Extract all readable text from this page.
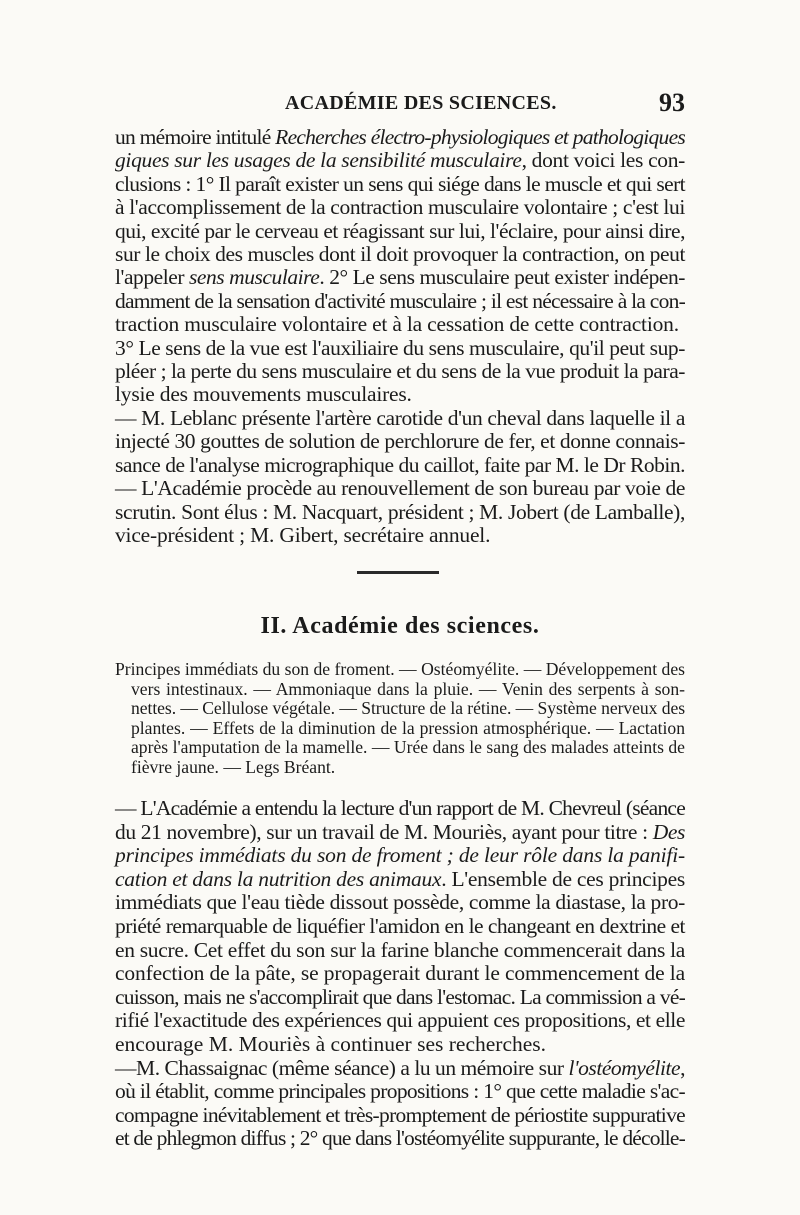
ACADÉMIE DES SCIENCES.	93
un mémoire intitulé Recherches électro-physiologiques et pathologiques
giques sur les usages de la sensibilité musculaire, dont voici les con-
clusions : 1° Il paraît exister un sens qui siége dans le muscle et qui sert
à l'accomplissement de la contraction musculaire volontaire ; c'est lui
qui, excité par le cerveau et réagissant sur lui, l'éclaire, pour ainsi dire,
sur le choix des muscles dont il doit provoquer la contraction, on peut
l'appeler sens musculaire. 2° Le sens musculaire peut exister indépen-
damment de la sensation d'activité musculaire ; il est nécessaire à la con-
traction musculaire volontaire et à la cessation de cette contraction.
3° Le sens de la vue est l'auxiliaire du sens musculaire, qu'il peut sup-
pléer ; la perte du sens musculaire et du sens de la vue produit la para-
lysie des mouvements musculaires.
— M. Leblanc présente l'artère carotide d'un cheval dans laquelle il a
injecté 30 gouttes de solution de perchlorure de fer, et donne connais-
sance de l'analyse micrographique du caillot, faite par M. le Dr Robin.
— L'Académie procède au renouvellement de son bureau par voie de
scrutin. Sont élus : M. Nacquart, président ; M. Jobert (de Lamballe),
vice-président ; M. Gibert, secrétaire annuel.
II. Académie des sciences.
Principes immédiats du son de froment. — Ostéomyélite. — Développement des
vers intestinaux. — Ammoniaque dans la pluie. — Venin des serpents à son-
nettes. — Cellulose végétale. — Structure de la rétine. — Système nerveux des
plantes. — Effets de la diminution de la pression atmosphérique. — Lactation
après l'amputation de la mamelle. — Urée dans le sang des malades atteints de
fièvre jaune. — Legs Bréant.
— L'Académie a entendu la lecture d'un rapport de M. Chevreul (séance
du 21 novembre), sur un travail de M. Mouriès, ayant pour titre : Des
principes immédiats du son de froment ; de leur rôle dans la panifi-
cation et dans la nutrition des animaux. L'ensemble de ces principes
immédiats que l'eau tiède dissout possède, comme la diastase, la pro-
priété remarquable de liquéfier l'amidon en le changeant en dextrine et
en sucre. Cet effet du son sur la farine blanche commencerait dans la
confection de la pâte, se propagerait durant le commencement de la
cuisson, mais ne s'accomplirait que dans l'estomac. La commission a vé-
rifié l'exactitude des expériences qui appuient ces propositions, et elle
encourage M. Mouriès à continuer ses recherches.
—M. Chassaignac (même séance) a lu un mémoire sur l'ostéomyélite,
où il établit, comme principales propositions : 1° que cette maladie s'ac-
compagne inévitablement et très-promptement de périostite suppurative
et de phlegmon diffus ; 2° que dans l'ostéomyélite suppurante, le décolle-
